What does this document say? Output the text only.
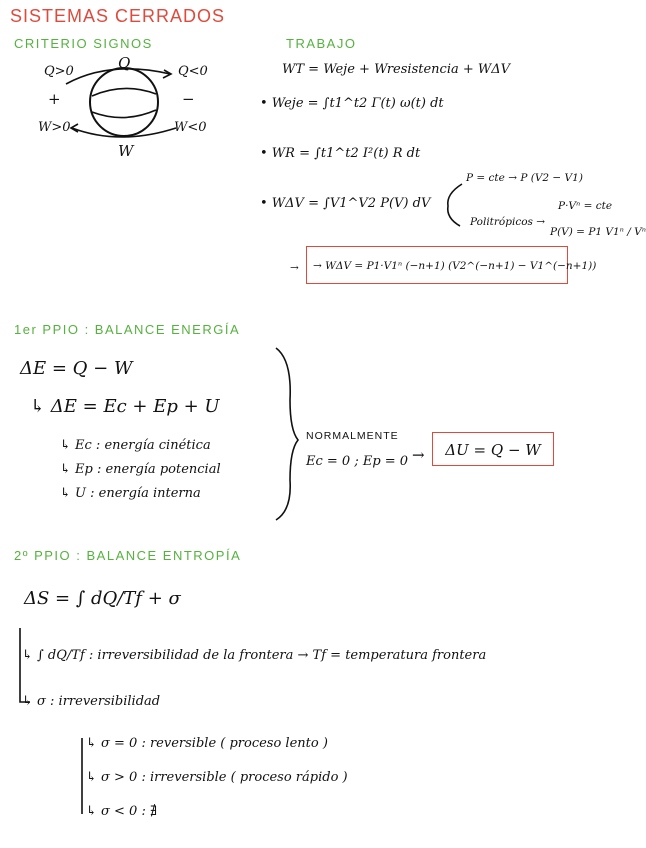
SISTEMAS CERRADOS
CRITERIO SIGNOS
Q
Q>0	Q<0
+	−
W>0	W<0
W
TRABAJO
WT = Weje + Wresistencia + WΔV
• Weje = ∫t1^t2 Γ(t) ω(t) dt
• WR = ∫t1^t2 I²(t) R dt
• WΔV = ∫V1^V2 P(V) dV
P = cte → P (V2 − V1)
Politrópicos →
P·Vⁿ = cte
P(V) = P1 V1ⁿ / Vⁿ
→	→ WΔV = P1·V1ⁿ (−n+1) (V2^(−n+1) − V1^(−n+1))
1er PPIO : BALANCE ENERGÍA
ΔE = Q − W
↳ ΔE = Ec + Ep + U
↳ Ec : energía cinética
↳ Ep : energía potencial
↳ U : energía interna
NORMALMENTE
Ec = 0 ; Ep = 0 →	ΔU = Q − W
2º PPIO : BALANCE ENTROPÍA
ΔS = ∫ dQ/Tf + σ
↳ ∫ dQ/Tf : irreversibilidad de la frontera → Tf = temperatura frontera
↳ σ : irreversibilidad
↳ σ = 0 : reversible ( proceso lento )
↳ σ > 0 : irreversible ( proceso rápido )
↳ σ < 0 : ∄
